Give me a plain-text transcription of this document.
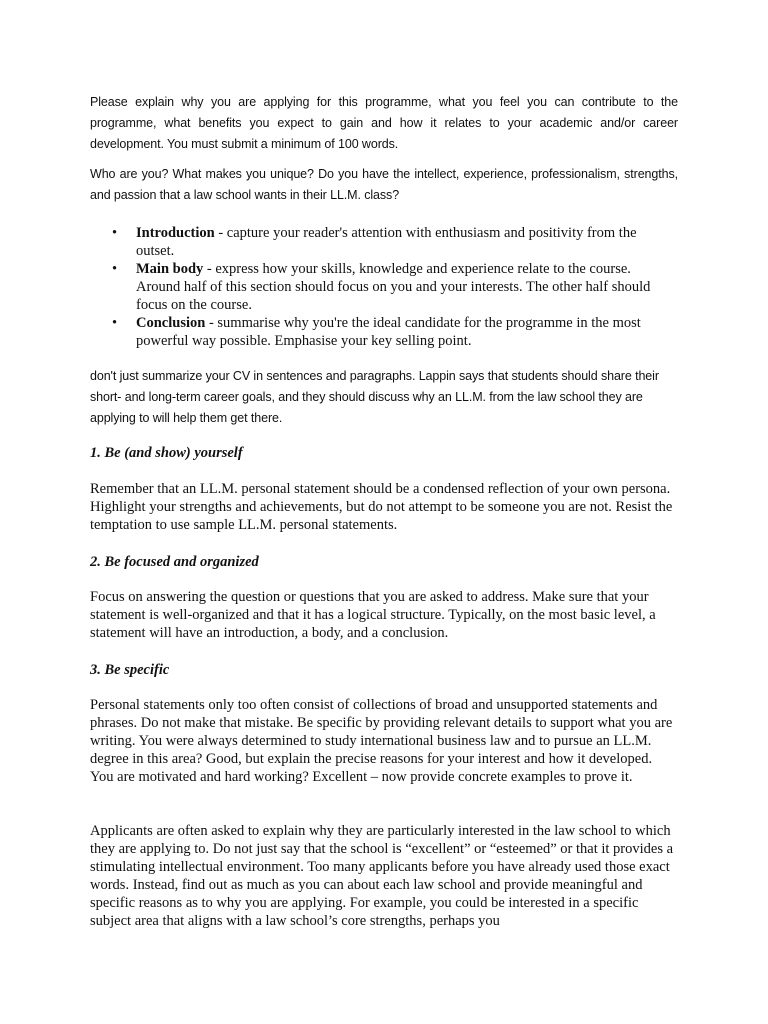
Please explain why you are applying for this programme, what you feel you can contribute to the programme, what benefits you expect to gain and how it relates to your academic and/or career development. You must submit a minimum of 100 words.

Who are you? What makes you unique? Do you have the intellect, experience, professionalism, strengths, and passion that a law school wants in their LL.M. class?

• Introduction - capture your reader's attention with enthusiasm and positivity from the outset.
• Main body - express how your skills, knowledge and experience relate to the course. Around half of this section should focus on you and your interests. The other half should focus on the course.
• Conclusion - summarise why you're the ideal candidate for the programme in the most powerful way possible. Emphasise your key selling point.

don't just summarize your CV in sentences and paragraphs. Lappin says that students should share their short- and long-term career goals, and they should discuss why an LL.M. from the law school they are applying to will help them get there.

1. Be (and show) yourself

Remember that an LL.M. personal statement should be a condensed reflection of your own persona. Highlight your strengths and achievements, but do not attempt to be someone you are not. Resist the temptation to use sample LL.M. personal statements.

2. Be focused and organized

Focus on answering the question or questions that you are asked to address. Make sure that your statement is well-organized and that it has a logical structure. Typically, on the most basic level, a statement will have an introduction, a body, and a conclusion.

3. Be specific

Personal statements only too often consist of collections of broad and unsupported statements and phrases. Do not make that mistake. Be specific by providing relevant details to support what you are writing. You were always determined to study international business law and to pursue an LL.M. degree in this area? Good, but explain the precise reasons for your interest and how it developed. You are motivated and hard working? Excellent – now provide concrete examples to prove it.

Applicants are often asked to explain why they are particularly interested in the law school to which they are applying to. Do not just say that the school is “excellent” or “esteemed” or that it provides a stimulating intellectual environment. Too many applicants before you have already used those exact words. Instead, find out as much as you can about each law school and provide meaningful and specific reasons as to why you are applying. For example, you could be interested in a specific subject area that aligns with a law school’s core strengths, perhaps you
